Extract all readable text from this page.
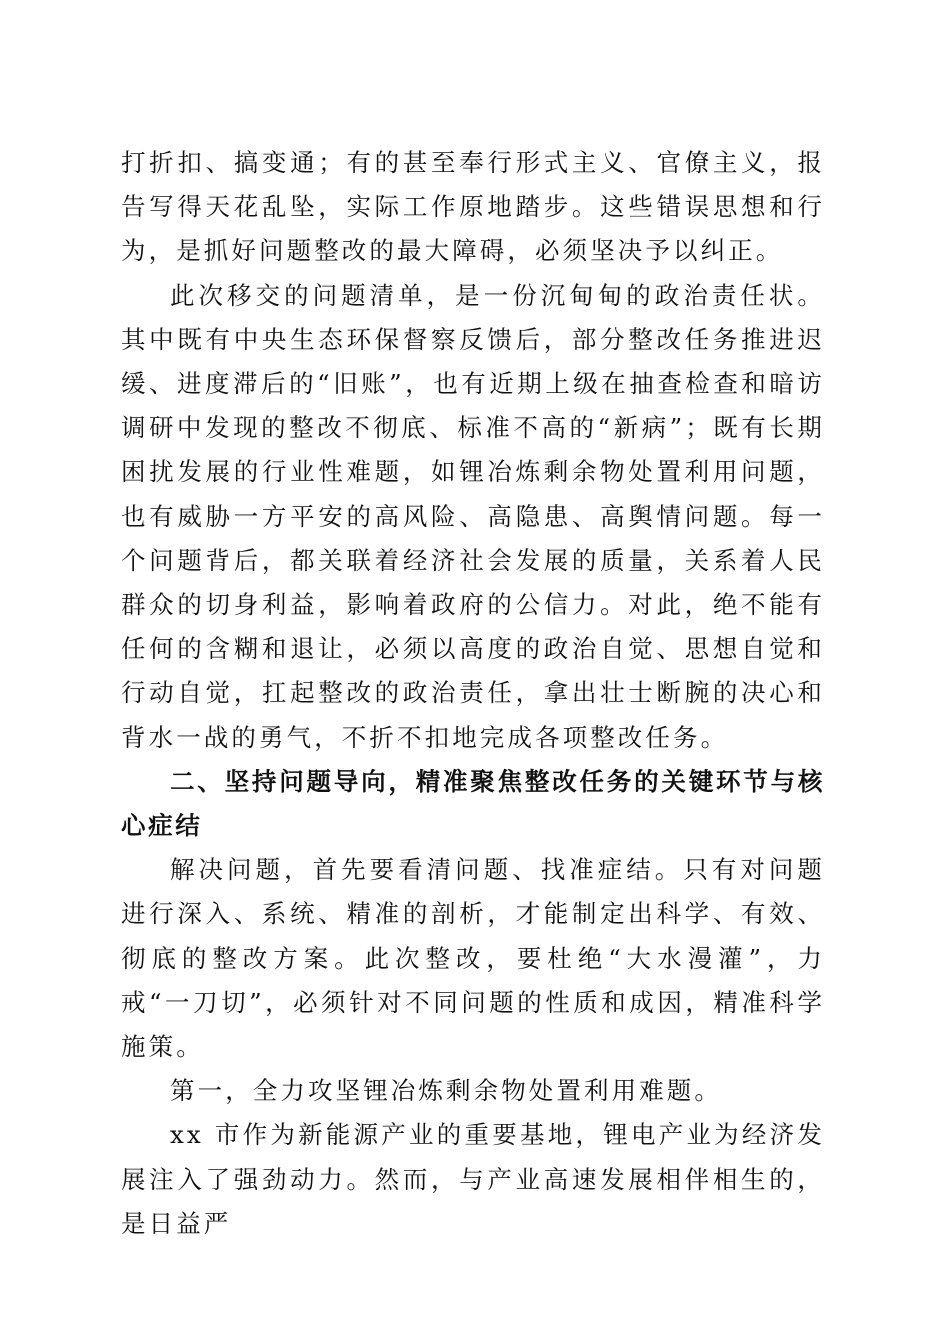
打折扣、搞变通；有的甚至奉行形式主义、官僚主义，报告写得天花乱坠，实际工作原地踏步。这些错误思想和行为，是抓好问题整改的最大障碍，必须坚决予以纠正。

此次移交的问题清单，是一份沉甸甸的政治责任状。其中既有中央生态环保督察反馈后，部分整改任务推进迟缓、进度滞后的“旧账”，也有近期上级在抽查检查和暗访调研中发现的整改不彻底、标准不高的“新病”；既有长期困扰发展的行业性难题，如锂冶炼剩余物处置利用问题，也有威胁一方平安的高风险、高隐患、高舆情问题。每一个问题背后，都关联着经济社会发展的质量，关系着人民群众的切身利益，影响着政府的公信力。对此，绝不能有任何的含糊和退让，必须以高度的政治自觉、思想自觉和行动自觉，扛起整改的政治责任，拿出壮士断腕的决心和背水一战的勇气，不折不扣地完成各项整改任务。

二、坚持问题导向，精准聚焦整改任务的关键环节与核心症结

解决问题，首先要看清问题、找准症结。只有对问题进行深入、系统、精准的剖析，才能制定出科学、有效、彻底的整改方案。此次整改，要杜绝“大水漫灌”，力戒“一刀切”，必须针对不同问题的性质和成因，精准科学施策。

第一，全力攻坚锂冶炼剩余物处置利用难题。

xx 市作为新能源产业的重要基地，锂电产业为经济发展注入了强劲动力。然而，与产业高速发展相伴相生的，是日益严
